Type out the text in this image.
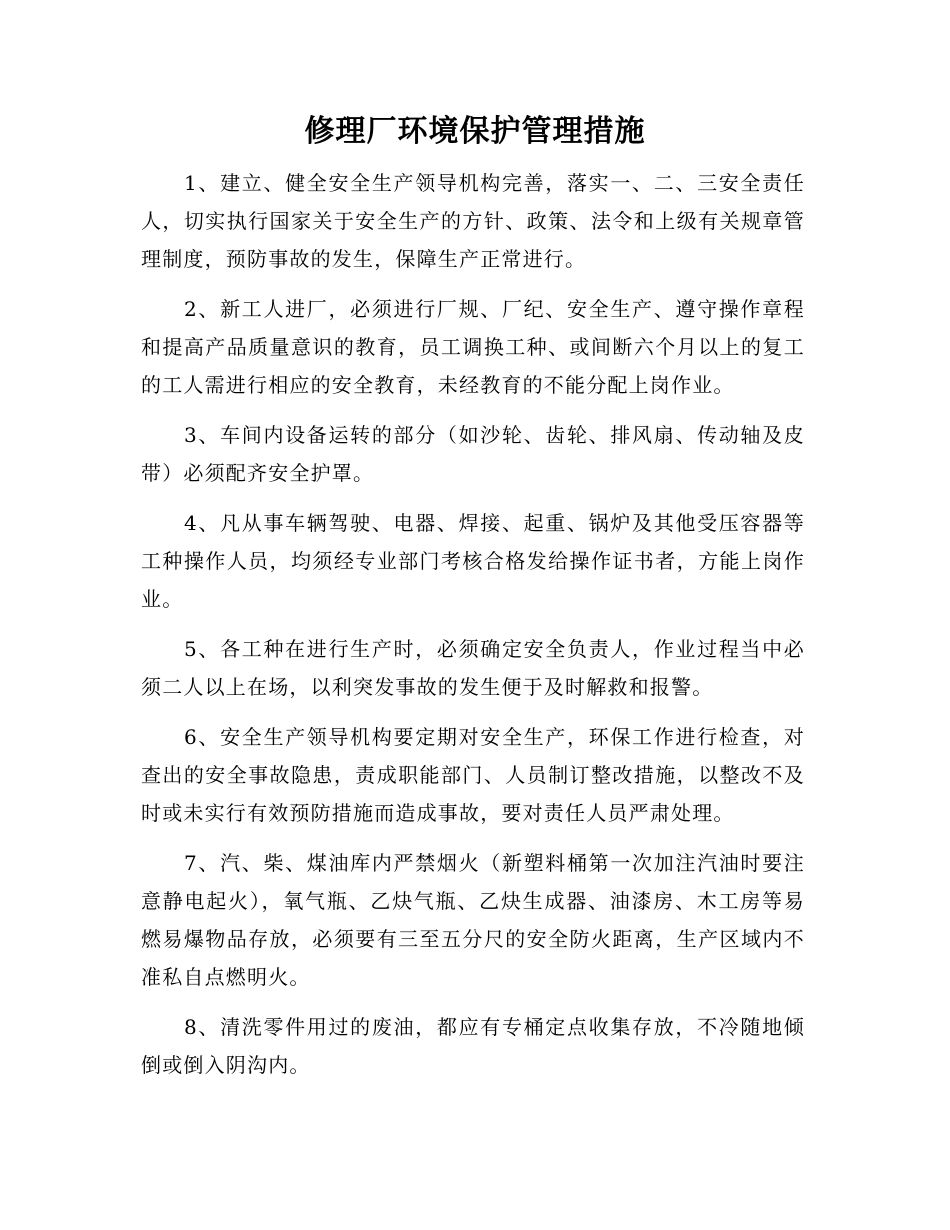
修理厂环境保护管理措施

1、建立、健全安全生产领导机构完善，落实一、二、三安全责任人，切实执行国家关于安全生产的方针、政策、法令和上级有关规章管理制度，预防事故的发生，保障生产正常进行。

2、新工人进厂，必须进行厂规、厂纪、安全生产、遵守操作章程和提高产品质量意识的教育，员工调换工种、或间断六个月以上的复工的工人需进行相应的安全教育，未经教育的不能分配上岗作业。

3、车间内设备运转的部分（如沙轮、齿轮、排风扇、传动轴及皮带）必须配齐安全护罩。

4、凡从事车辆驾驶、电器、焊接、起重、锅炉及其他受压容器等工种操作人员，均须经专业部门考核合格发给操作证书者，方能上岗作业。

5、各工种在进行生产时，必须确定安全负责人，作业过程当中必须二人以上在场，以利突发事故的发生便于及时解救和报警。

6、安全生产领导机构要定期对安全生产，环保工作进行检查，对查出的安全事故隐患，责成职能部门、人员制订整改措施，以整改不及时或未实行有效预防措施而造成事故，要对责任人员严肃处理。

7、汽、柴、煤油库内严禁烟火（新塑料桶第一次加注汽油时要注意静电起火），氧气瓶、乙炔气瓶、乙炔生成器、油漆房、木工房等易燃易爆物品存放，必须要有三至五分尺的安全防火距离，生产区域内不准私自点燃明火。

8、清洗零件用过的废油，都应有专桶定点收集存放，不冷随地倾倒或倒入阴沟内。
